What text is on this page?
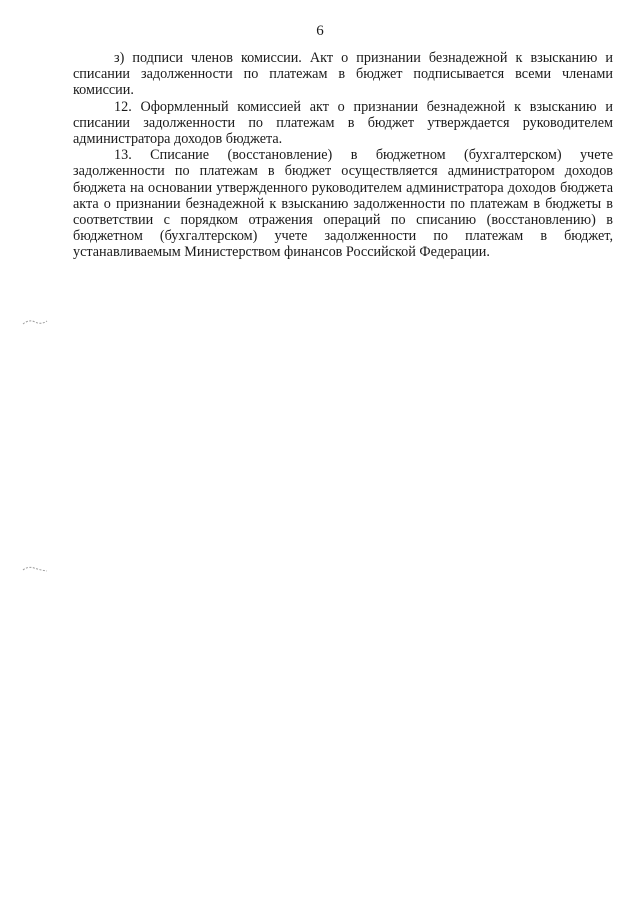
6

з) подписи членов комиссии. Акт о признании безнадежной к взысканию и списании задолженности по платежам в бюджет подписывается всеми членами комиссии.

12. Оформленный комиссией акт о признании безнадежной к взысканию и списании задолженности по платежам в бюджет утверждается руководителем администратора доходов бюджета.

13. Списание (восстановление) в бюджетном (бухгалтерском) учете задолженности по платежам в бюджет осуществляется администратором доходов бюджета на основании утвержденного руководителем администратора доходов бюджета акта о признании безнадежной к взысканию задолженности по платежам в бюджеты в соответствии с порядком отражения операций по списанию (восстановлению) в бюджетном (бухгалтерском) учете задолженности по платежам в бюджет, устанавливаемым Министерством финансов Российской Федерации.
